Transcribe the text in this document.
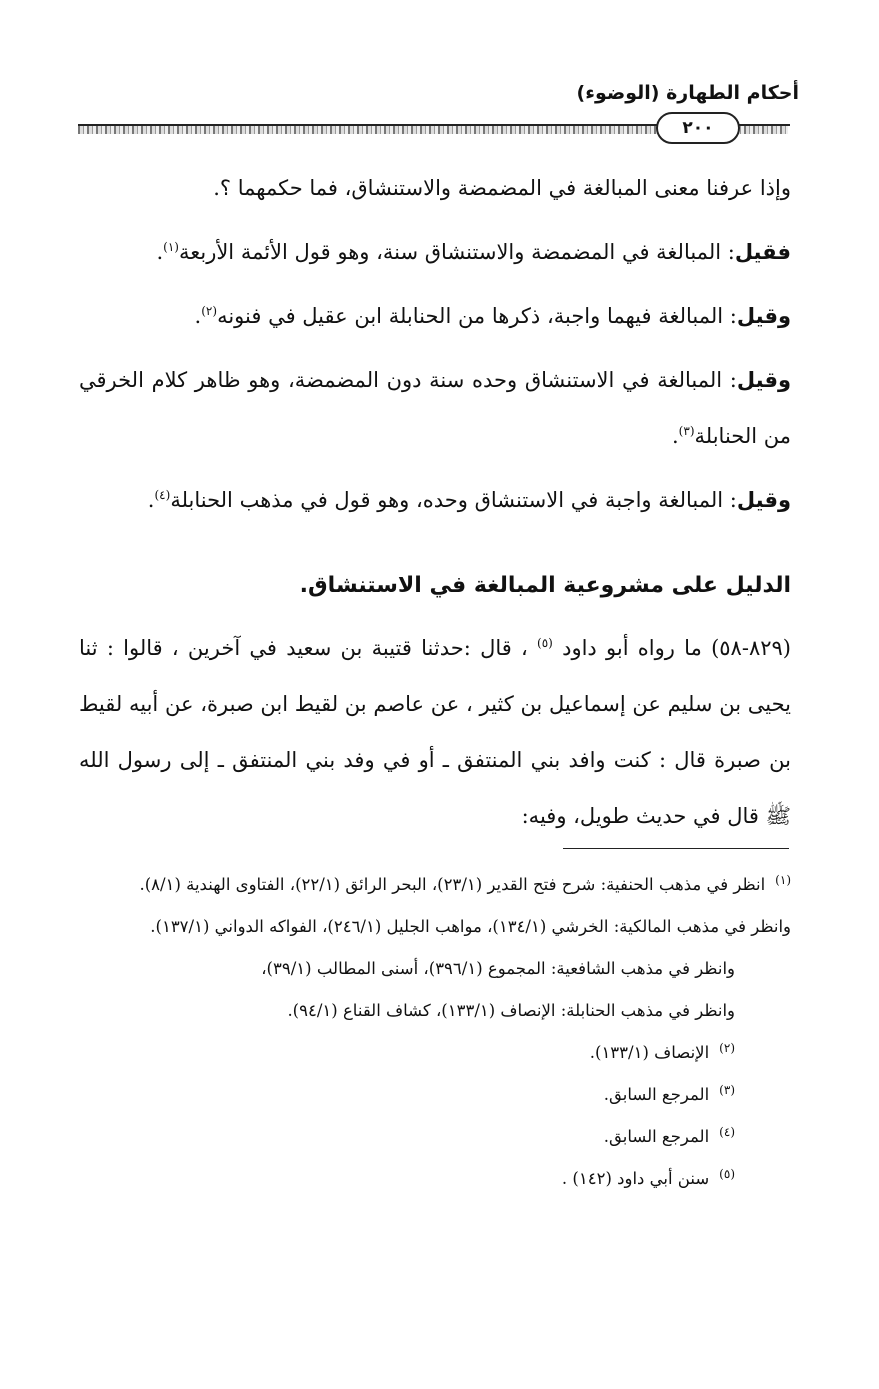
أحكام الطهارة (الوضوء)
٢٠٠

وإذا عرفنا معنى المبالغة في المضمضة والاستنشاق، فما حكمهما ؟.

فقيل: المبالغة في المضمضة والاستنشاق سنة، وهو قول الأئمة الأربعة$^{(١)}$.

وقيل: المبالغة فيهما واجبة، ذكرها من الحنابلة ابن عقيل في فنونه$^{(٢)}$.

وقيل: المبالغة في الاستنشاق وحده سنة دون المضمضة، وهو ظاهر كلام الخرقي من الحنابلة$^{(٣)}$.

وقيل: المبالغة واجبة في الاستنشاق وحده، وهو قول في مذهب الحنابلة$^{(٤)}$.

الدليل على مشروعية المبالغة في الاستنشاق.

(٨٢٩-٥٨) ما رواه أبو داود $^{(٥)}$ ، قال :حدثنا قتيبة بن سعيد في آخرين ، قالوا : ثنا يحيى بن سليم عن إسماعيل بن كثير ، عن عاصم بن لقيط ابن صبرة، عن أبيه لقيط بن صبرة قال : كنت وافد بني المنتفق ـ أو في وفد بني المنتفق ـ إلى رسول الله ﷺ قال في حديث طويل، وفيه:

$^{(١)}$انظر في مذهب الحنفية: شرح فتح القدير (٢٣/١)، البحر الرائق (٢٢/١)، الفتاوى الهندية (٨/١).

وانظر في مذهب المالكية: الخرشي (١٣٤/١)، مواهب الجليل (٢٤٦/١)، الفواكه الدواني (١٣٧/١).

وانظر في مذهب الشافعية: المجموع (٣٩٦/١)، أسنى المطالب (٣٩/١)،

وانظر في مذهب الحنابلة: الإنصاف (١٣٣/١)، كشاف القناع (٩٤/١).

$^{(٢)}$الإنصاف (١٣٣/١).

$^{(٣)}$المرجع السابق.

$^{(٤)}$المرجع السابق.

$^{(٥)}$سنن أبي داود (١٤٢) .
